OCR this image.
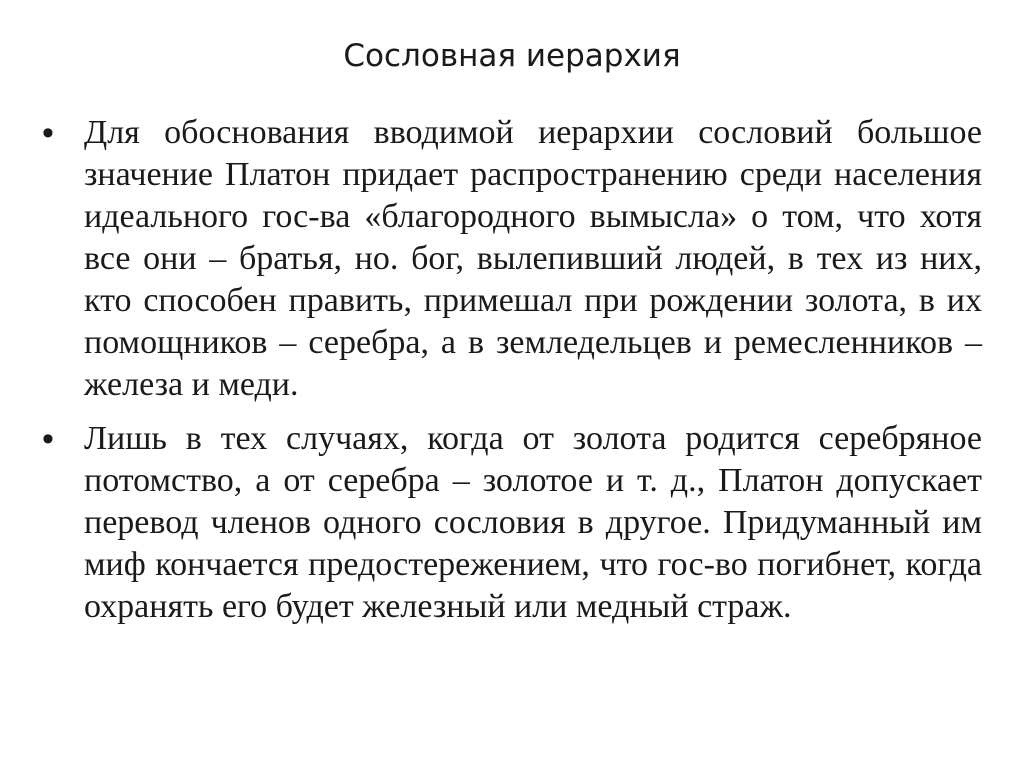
Сословная иерархия
• Для обоснования вводимой иерархии сословий большое значение Платон придает распространению среди населения идеального гос-ва «благородного вымысла» о том, что хотя все они – братья, но. бог, вылепивший людей, в тех из них, кто способен править, примешал при рождении золота, в их помощников – серебра, а в земледельцев и ремесленников – железа и меди.
• Лишь в тех случаях, когда от золота родится серебряное потомство, а от серебра – золотое и т. д., Платон допускает перевод членов одного сословия в другое. Придуманный им миф кончается предостережением, что гос-во погибнет, когда охранять его будет железный или медный страж.
